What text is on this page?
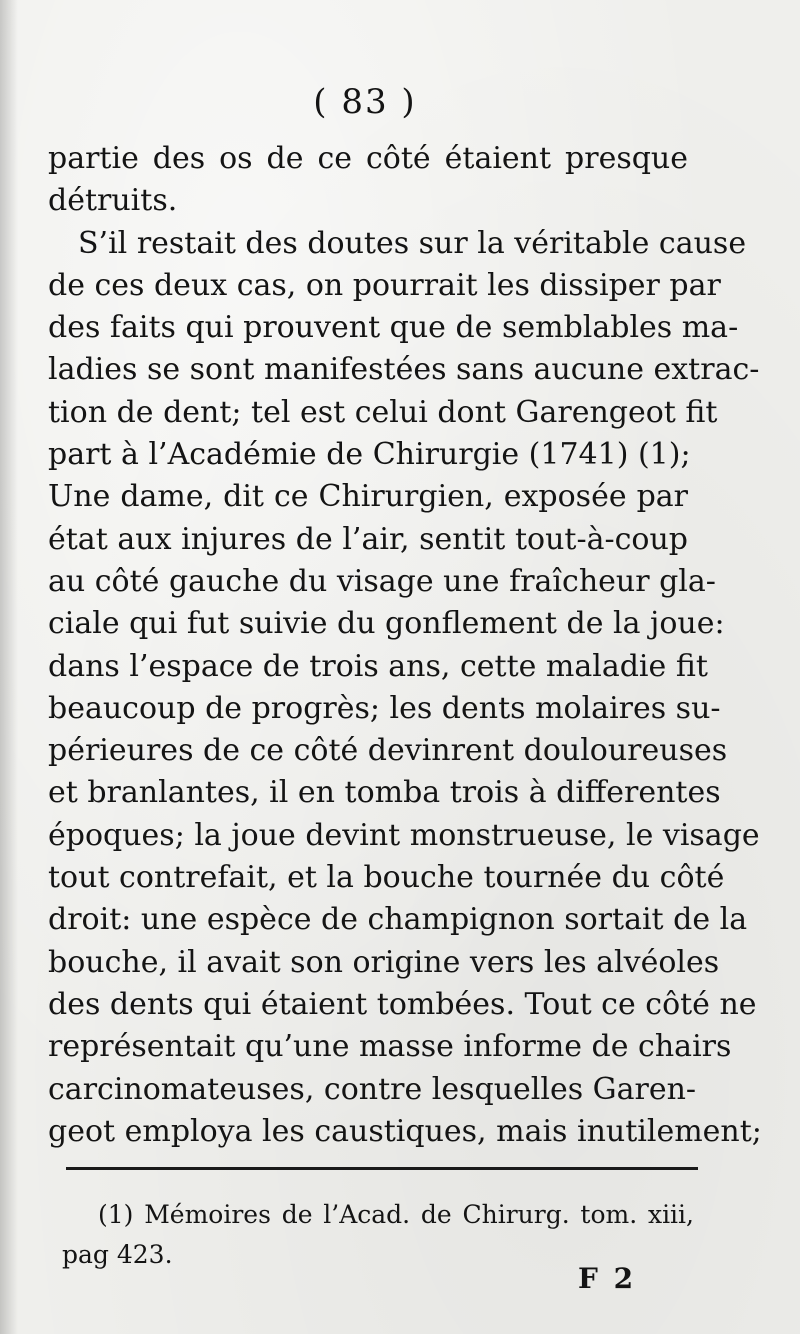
( 83 )
partie des os de ce côté étaient presque
détruits.
S’il restait des doutes sur la véritable cause
de ces deux cas, on pourrait les dissiper par
des faits qui prouvent que de semblables ma-
ladies se sont manifestées sans aucune extrac-
tion de dent; tel est celui dont Garengeot fit
part à l’Académie de Chirurgie (1741) (1);
Une dame, dit ce Chirurgien, exposée par
état aux injures de l’air, sentit tout-à-coup
au côté gauche du visage une fraîcheur gla-
ciale qui fut suivie du gonflement de la joue:
dans l’espace de trois ans, cette maladie fit
beaucoup de progrès; les dents molaires su-
périeures de ce côté devinrent douloureuses
et branlantes, il en tomba trois à differentes
époques; la joue devint monstrueuse, le visage
tout contrefait, et la bouche tournée du côté
droit: une espèce de champignon sortait de la
bouche, il avait son origine vers les alvéoles
des dents qui étaient tombées. Tout ce côté ne
représentait qu’une masse informe de chairs
carcinomateuses, contre lesquelles Garen-
geot employa les caustiques, mais inutilement;
(1) Mémoires de l’Acad. de Chirurg. tom. xiii,
pag 423.
F 2
